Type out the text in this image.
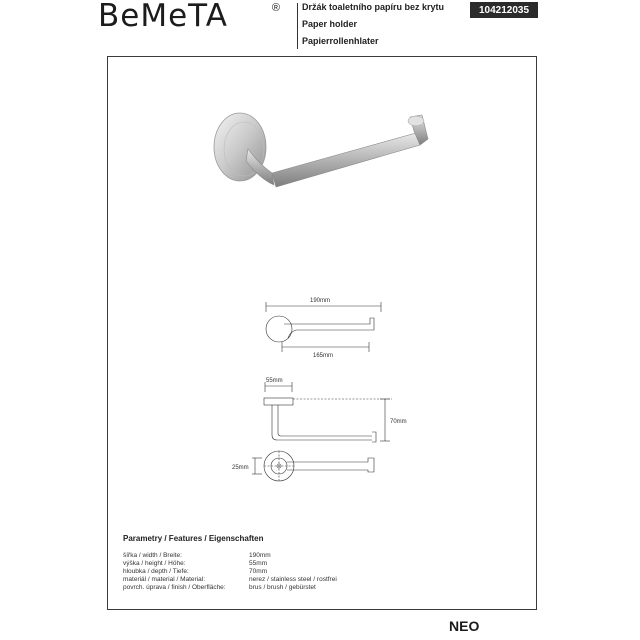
BeMeTA	® Držák toaletního papíru bez krytu
Paper holder
Papierrollenhlater
104212035
190mm
165mm
55mm
70mm
25mm
Parametry / Features / Eigenschaften
šířka / width / Breite:	190mm
výška / height / Höhe:	55mm
hloubka / depth / Tiefe:	70mm
materiál / material / Material:	nerez / stainless steel / rostfrei
povrch. úprava / finish / Oberfläche:	brus / brush / gebürstet
NEO
